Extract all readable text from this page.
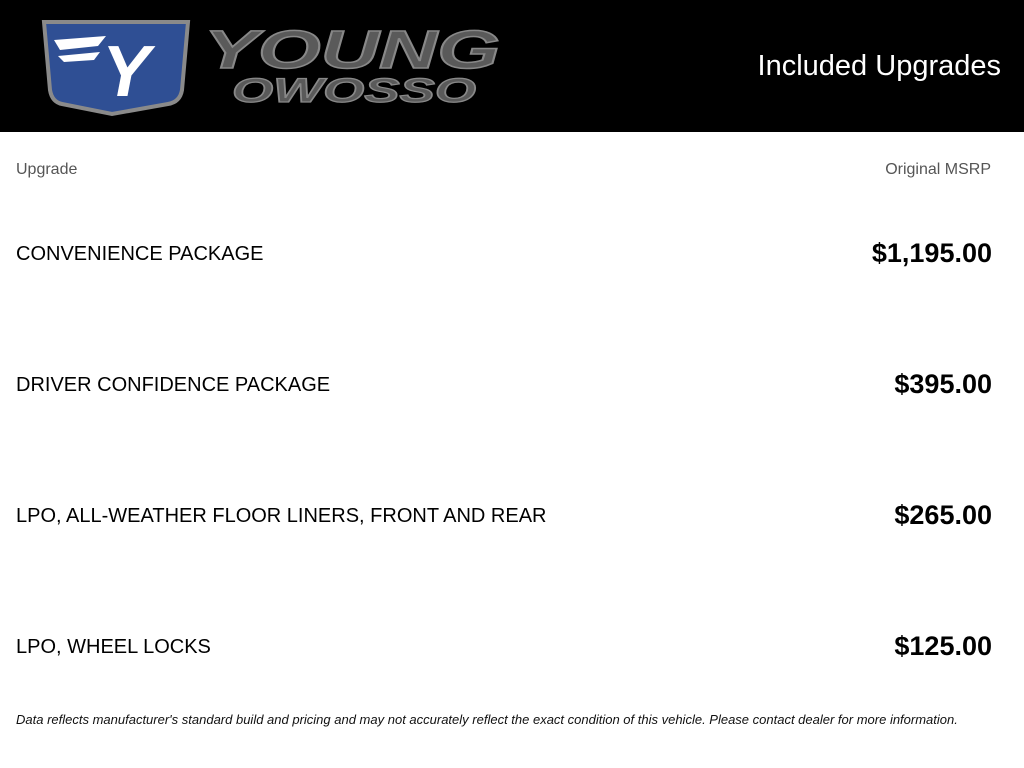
Y YOUNG
OWOSSO
Included Upgrades
Upgrade	Original MSRP
CONVENIENCE PACKAGE	$1,195.00
DRIVER CONFIDENCE PACKAGE	$395.00
LPO, ALL-WEATHER FLOOR LINERS, FRONT AND REAR	$265.00
LPO, WHEEL LOCKS	$125.00
Data reflects manufacturer's standard build and pricing and may not accurately reflect the exact condition of this vehicle. Please contact dealer for more information.
